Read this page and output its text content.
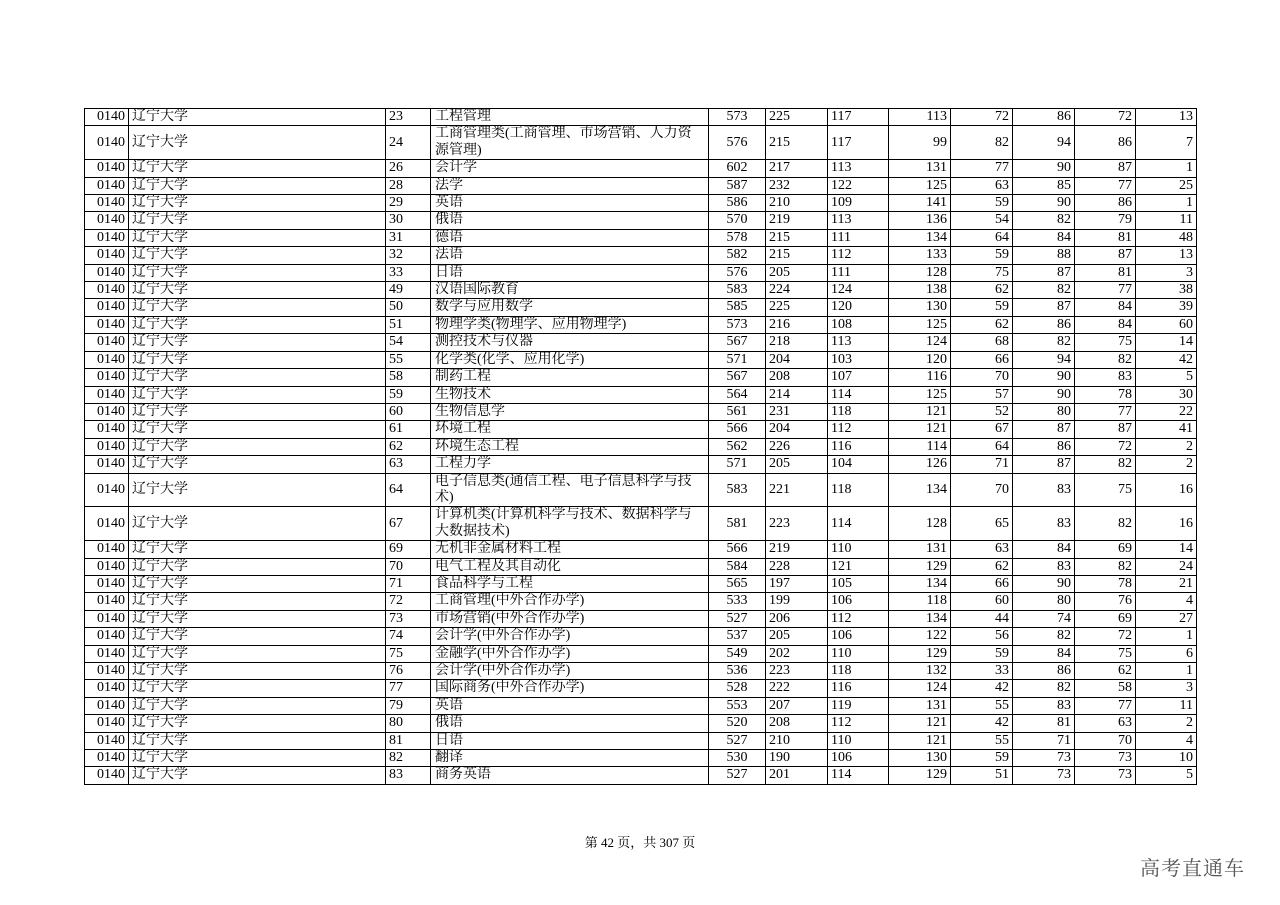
0140	辽宁大学	23	工程管理	573	225	117	113	72	86	72	13
0140	辽宁大学	24	工商管理类(工商管理、市场营销、人力资源管理)	576	215	117	99	82	94	86	7
0140	辽宁大学	26	会计学	602	217	113	131	77	90	87	1
0140	辽宁大学	28	法学	587	232	122	125	63	85	77	25
0140	辽宁大学	29	英语	586	210	109	141	59	90	86	1
0140	辽宁大学	30	俄语	570	219	113	136	54	82	79	11
0140	辽宁大学	31	德语	578	215	111	134	64	84	81	48
0140	辽宁大学	32	法语	582	215	112	133	59	88	87	13
0140	辽宁大学	33	日语	576	205	111	128	75	87	81	3
0140	辽宁大学	49	汉语国际教育	583	224	124	138	62	82	77	38
0140	辽宁大学	50	数学与应用数学	585	225	120	130	59	87	84	39
0140	辽宁大学	51	物理学类(物理学、应用物理学)	573	216	108	125	62	86	84	60
0140	辽宁大学	54	测控技术与仪器	567	218	113	124	68	82	75	14
0140	辽宁大学	55	化学类(化学、应用化学)	571	204	103	120	66	94	82	42
0140	辽宁大学	58	制药工程	567	208	107	116	70	90	83	5
0140	辽宁大学	59	生物技术	564	214	114	125	57	90	78	30
0140	辽宁大学	60	生物信息学	561	231	118	121	52	80	77	22
0140	辽宁大学	61	环境工程	566	204	112	121	67	87	87	41
0140	辽宁大学	62	环境生态工程	562	226	116	114	64	86	72	2
0140	辽宁大学	63	工程力学	571	205	104	126	71	87	82	2
0140	辽宁大学	64	电子信息类(通信工程、电子信息科学与技术)	583	221	118	134	70	83	75	16
0140	辽宁大学	67	计算机类(计算机科学与技术、数据科学与大数据技术)	581	223	114	128	65	83	82	16
0140	辽宁大学	69	无机非金属材料工程	566	219	110	131	63	84	69	14
0140	辽宁大学	70	电气工程及其自动化	584	228	121	129	62	83	82	24
0140	辽宁大学	71	食品科学与工程	565	197	105	134	66	90	78	21
0140	辽宁大学	72	工商管理(中外合作办学)	533	199	106	118	60	80	76	4
0140	辽宁大学	73	市场营销(中外合作办学)	527	206	112	134	44	74	69	27
0140	辽宁大学	74	会计学(中外合作办学)	537	205	106	122	56	82	72	1
0140	辽宁大学	75	金融学(中外合作办学)	549	202	110	129	59	84	75	6
0140	辽宁大学	76	会计学(中外合作办学)	536	223	118	132	33	86	62	1
0140	辽宁大学	77	国际商务(中外合作办学)	528	222	116	124	42	82	58	3
0140	辽宁大学	79	英语	553	207	119	131	55	83	77	11
0140	辽宁大学	80	俄语	520	208	112	121	42	81	63	2
0140	辽宁大学	81	日语	527	210	110	121	55	71	70	4
0140	辽宁大学	82	翻译	530	190	106	130	59	73	73	10
0140	辽宁大学	83	商务英语	527	201	114	129	51	73	73	5
第 42 页，共 307 页
高考直通车
